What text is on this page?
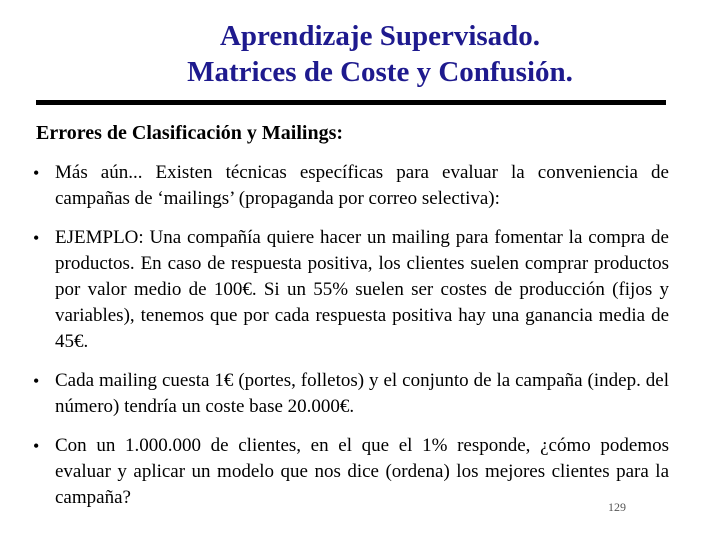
Aprendizaje Supervisado.
Matrices de Coste y Confusión.
Errores de Clasificación y Mailings:
• Más aún... Existen técnicas específicas para evaluar la conveniencia de campañas de ‘mailings’ (propaganda por correo selectiva):
• EJEMPLO: Una compañía quiere hacer un mailing para fomentar la compra de productos. En caso de respuesta positiva, los clientes suelen comprar productos por valor medio de 100€. Si un 55% suelen ser costes de producción (fijos y variables), tenemos que por cada respuesta positiva hay una ganancia media de 45€.
• Cada mailing cuesta 1€ (portes, folletos) y el conjunto de la campaña (indep. del número) tendría un coste base 20.000€.
• Con un 1.000.000 de clientes, en el que el 1% responde, ¿cómo podemos evaluar y aplicar un modelo que nos dice (ordena) los mejores clientes para la campaña?	129
